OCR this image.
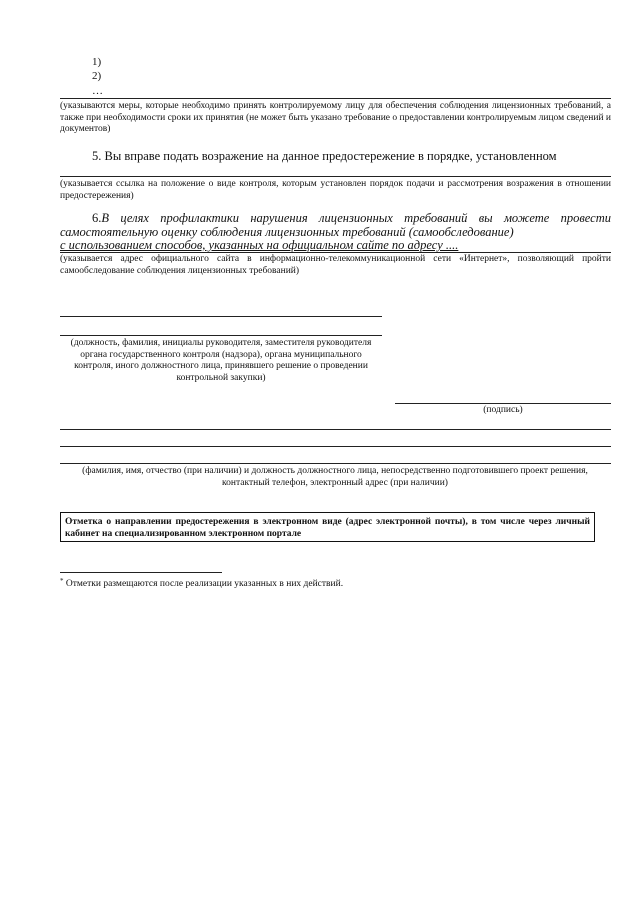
1)
2)
…
(указываются меры, которые необходимо принять контролируемому лицу для обеспечения соблюдения лицензионных требований, а также при необходимости сроки их принятия (не может быть указано требование о предоставлении контролируемым лицом сведений и документов)
5. Вы вправе подать возражение на данное предостережение в порядке, установленном
(указывается ссылка на положение о виде контроля, которым установлен порядок подачи и рассмотрения возражения в отношении предостережения)
6.В целях профилактики нарушения лицензионных требований вы можете провести самостоятельную оценку соблюдения лицензионных требований (самообследование)
с использованием способов, указанных на официальном сайте по адресу ....
(указывается адрес официального сайта в информационно-телекоммуникационной сети «Интернет», позволяющий пройти самообследование соблюдения лицензионных требований)
(должность, фамилия, инициалы руководителя, заместителя руководителя органа государственного контроля (надзора), органа муниципального контроля, иного должностного лица, принявшего решение о проведении контрольной закупки)
(подпись)
(фамилия, имя, отчество (при наличии) и должность должностного лица, непосредственно подготовившего проект решения, контактный телефон, электронный адрес (при наличии)
Отметка о направлении предостережения в электронном виде (адрес электронной почты), в том числе через личный кабинет на специализированном электронном портале
* Отметки размещаются после реализации указанных в них действий.
